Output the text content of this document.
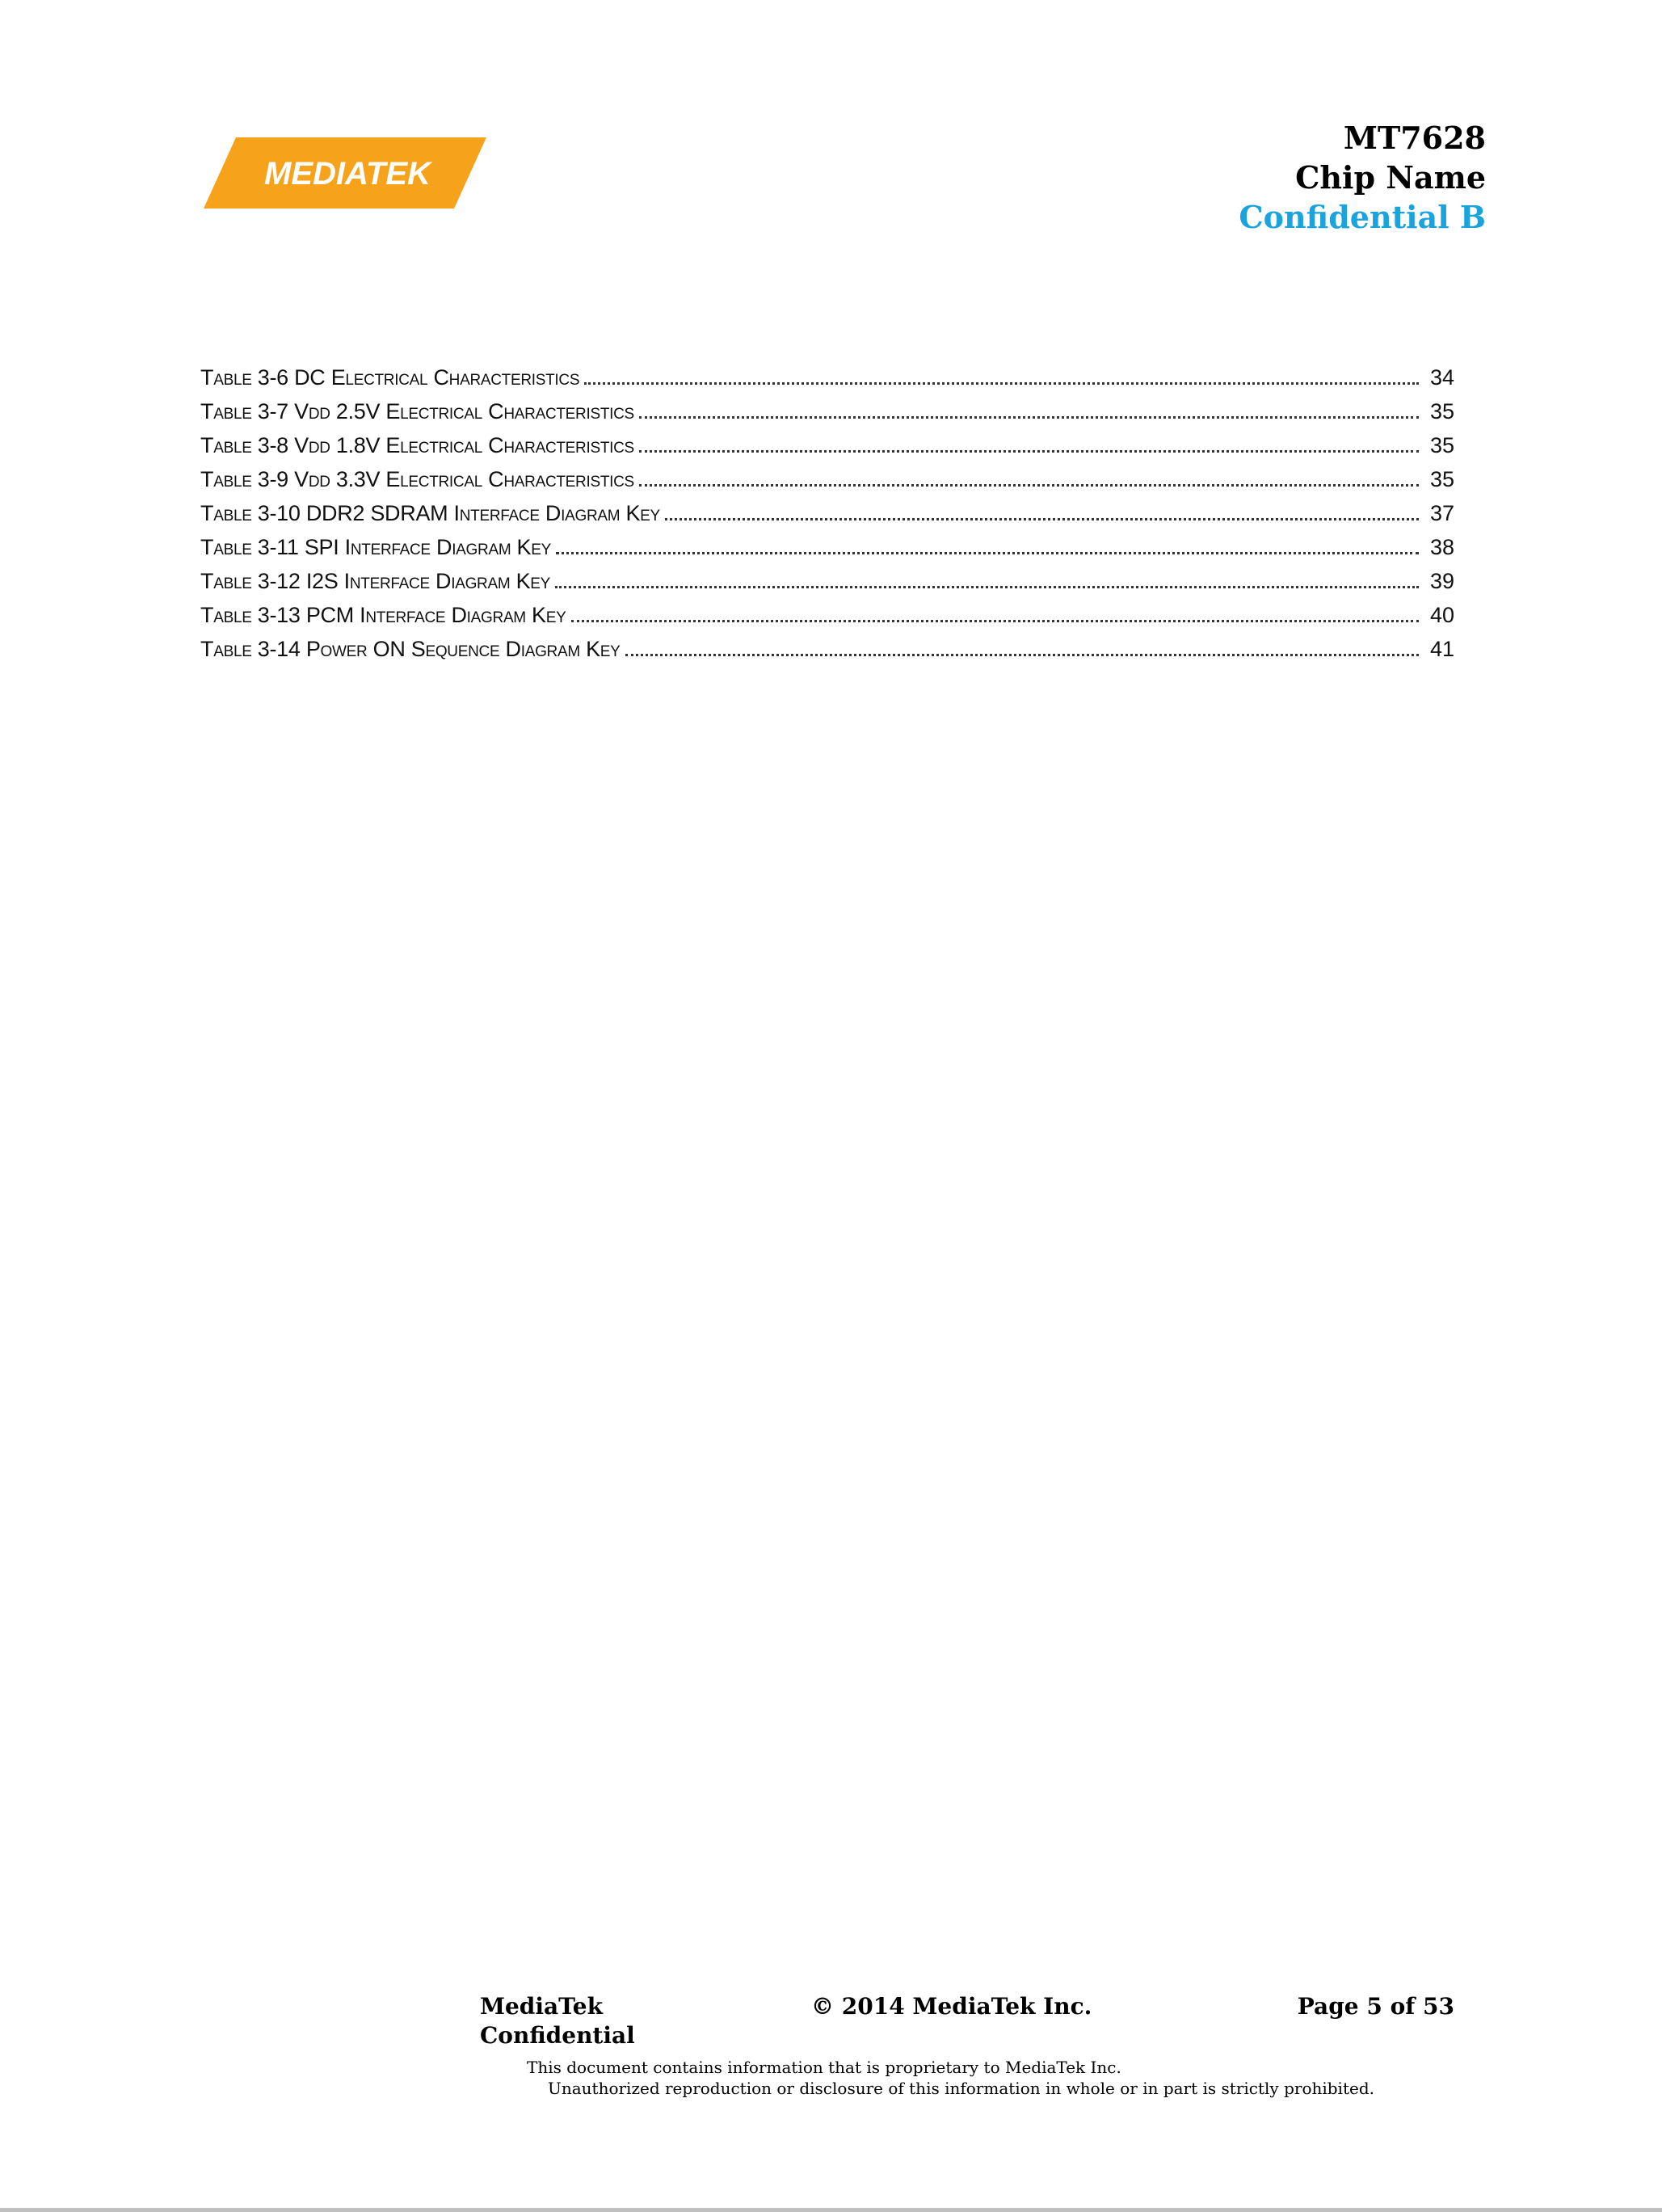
MEDIATEK
MT7628
Chip Name
Confidential B
Table 3-6 DC Electrical Characteristics	34
Table 3-7 Vdd 2.5V Electrical Characteristics	35
Table 3-8 Vdd 1.8V Electrical Characteristics	35
Table 3-9 Vdd 3.3V Electrical Characteristics	35
Table 3-10 DDR2 SDRAM Interface Diagram Key	37
Table 3-11 SPI Interface Diagram Key	38
Table 3-12 I2S Interface Diagram Key	39
Table 3-13 PCM Interface Diagram Key	40
Table 3-14 Power ON Sequence Diagram Key	41
MediaTek
Confidential
© 2014 MediaTek Inc.	Page 5 of 53
This document contains information that is proprietary to MediaTek Inc.
Unauthorized reproduction or disclosure of this information in whole or in part is strictly prohibited.
